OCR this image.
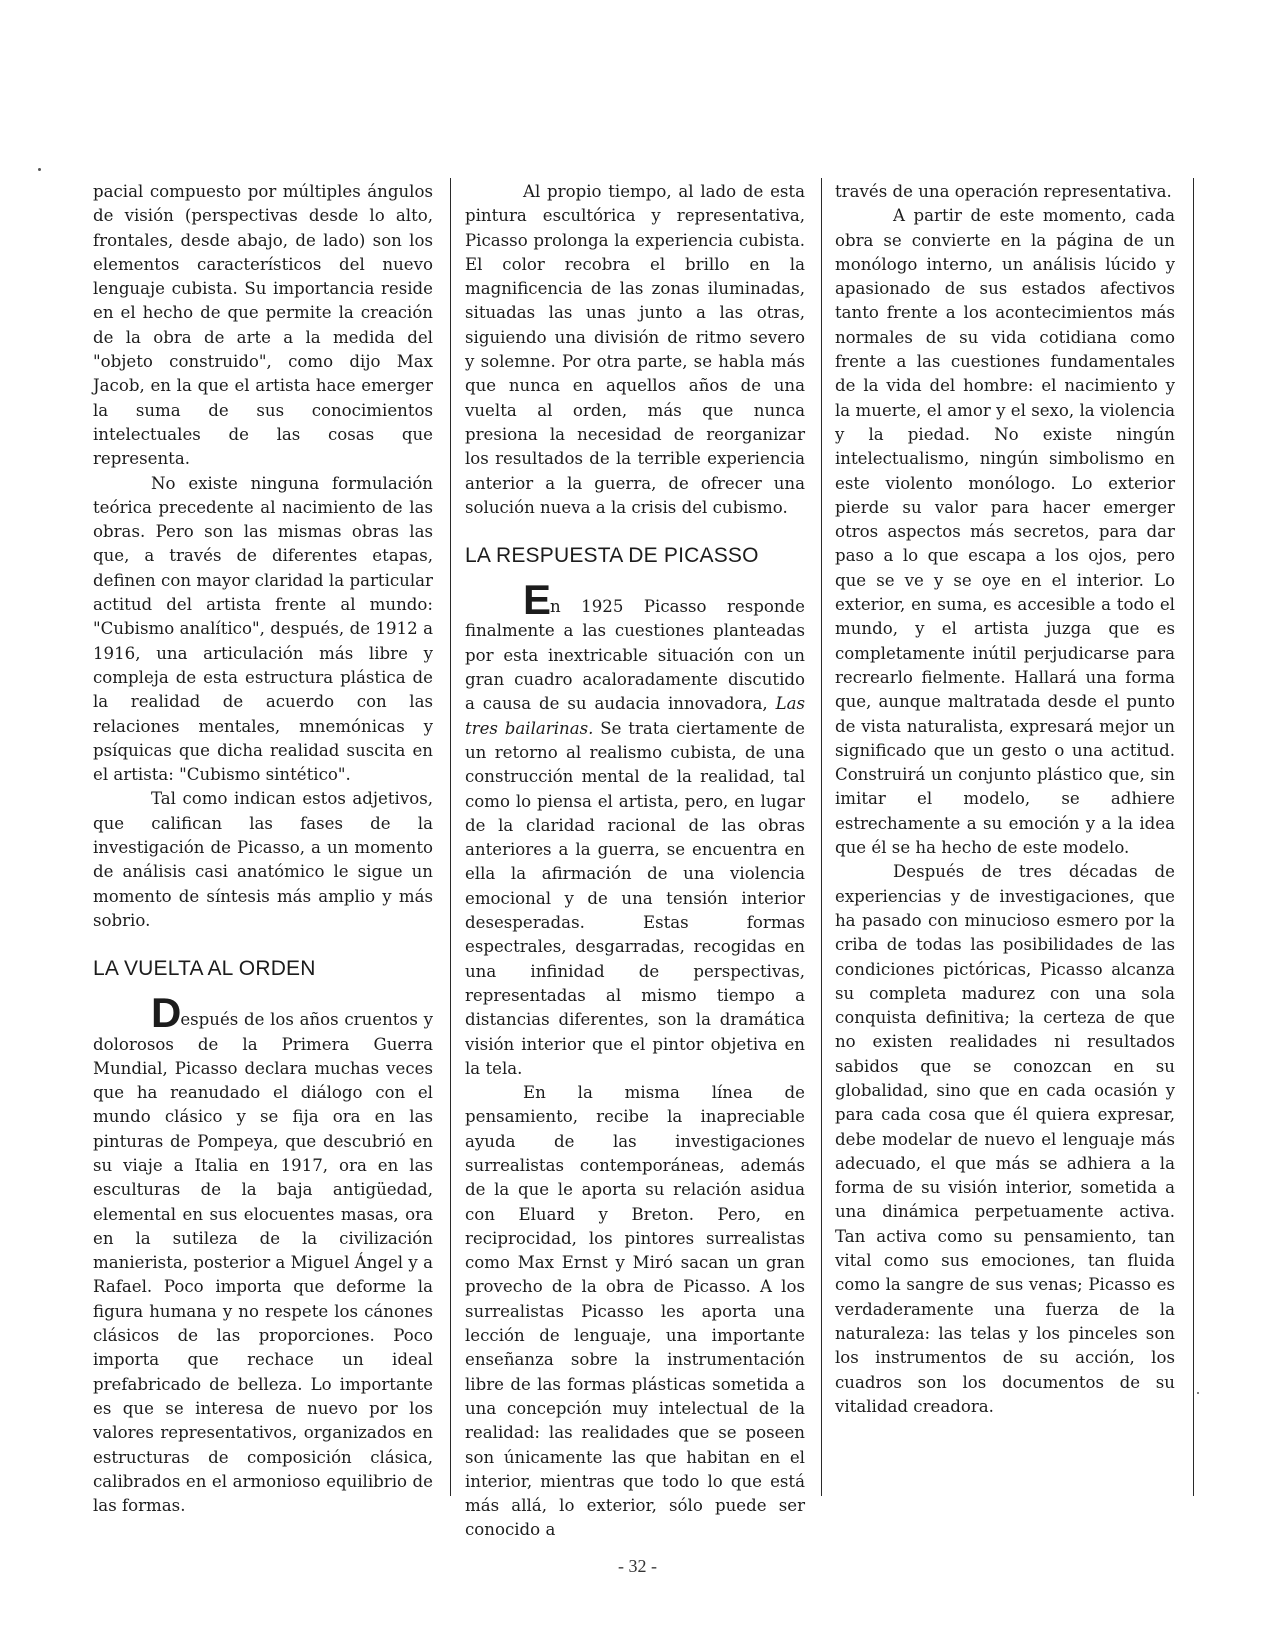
pacial compuesto por múltiples ángulos de visión (perspectivas desde lo alto, frontales, desde abajo, de lado) son los elementos característicos del nuevo lenguaje cubista. Su importancia reside en el hecho de que permite la creación de la obra de arte a la medida del "objeto construido", como dijo Max Jacob, en la que el artista hace emerger la suma de sus conocimientos intelectuales de las cosas que representa.

No existe ninguna formulación teórica precedente al nacimiento de las obras. Pero son las mismas obras las que, a través de diferentes etapas, definen con mayor claridad la particular actitud del artista frente al mundo: "Cubismo analítico", después, de 1912 a 1916, una articulación más libre y compleja de esta estructura plástica de la realidad de acuerdo con las relaciones mentales, mnemónicas y psíquicas que dicha realidad suscita en el artista: "Cubismo sintético".

Tal como indican estos adjetivos, que califican las fases de la investigación de Picasso, a un momento de análisis casi anatómico le sigue un momento de síntesis más amplio y más sobrio.

LA VUELTA AL ORDEN

Después de los años cruentos y dolorosos de la Primera Guerra Mundial, Picasso declara muchas veces que ha reanudado el diálogo con el mundo clásico y se fija ora en las pinturas de Pompeya, que descubrió en su viaje a Italia en 1917, ora en las esculturas de la baja antigüedad, elemental en sus elocuentes masas, ora en la sutileza de la civilización manierista, posterior a Miguel Ángel y a Rafael. Poco importa que deforme la figura humana y no respete los cánones clásicos de las proporciones. Poco importa que rechace un ideal prefabricado de belleza. Lo importante es que se interesa de nuevo por los valores representativos, organizados en estructuras de composición clásica, calibrados en el armonioso equilibrio de las formas.

Al propio tiempo, al lado de esta pintura escultórica y representativa, Picasso prolonga la experiencia cubista. El color recobra el brillo en la magnificencia de las zonas iluminadas, situadas las unas junto a las otras, siguiendo una división de ritmo severo y solemne. Por otra parte, se habla más que nunca en aquellos años de una vuelta al orden, más que nunca presiona la necesidad de reorganizar los resultados de la terrible experiencia anterior a la guerra, de ofrecer una solución nueva a la crisis del cubismo.

LA RESPUESTA DE PICASSO

En 1925 Picasso responde finalmente a las cuestiones planteadas por esta inextricable situación con un gran cuadro acaloradamente discutido a causa de su audacia innovadora, Las tres bailarinas. Se trata ciertamente de un retorno al realismo cubista, de una construcción mental de la realidad, tal como lo piensa el artista, pero, en lugar de la claridad racional de las obras anteriores a la guerra, se encuentra en ella la afirmación de una violencia emocional y de una tensión interior desesperadas. Estas formas espectrales, desgarradas, recogidas en una infinidad de perspectivas, representadas al mismo tiempo a distancias diferentes, son la dramática visión interior que el pintor objetiva en la tela.

En la misma línea de pensamiento, recibe la inapreciable ayuda de las investigaciones surrealistas contemporáneas, además de la que le aporta su relación asidua con Eluard y Breton. Pero, en reciprocidad, los pintores surrealistas como Max Ernst y Miró sacan un gran provecho de la obra de Picasso. A los surrealistas Picasso les aporta una lección de lenguaje, una importante enseñanza sobre la instrumentación libre de las formas plásticas sometida a una concepción muy intelectual de la realidad: las realidades que se poseen son únicamente las que habitan en el interior, mientras que todo lo que está más allá, lo exterior, sólo puede ser conocido a

través de una operación representativa.

A partir de este momento, cada obra se convierte en la página de un monólogo interno, un análisis lúcido y apasionado de sus estados afectivos tanto frente a los acontecimientos más normales de su vida cotidiana como frente a las cuestiones fundamentales de la vida del hombre: el nacimiento y la muerte, el amor y el sexo, la violencia y la piedad. No existe ningún intelectualismo, ningún simbolismo en este violento monólogo. Lo exterior pierde su valor para hacer emerger otros aspectos más secretos, para dar paso a lo que escapa a los ojos, pero que se ve y se oye en el interior. Lo exterior, en suma, es accesible a todo el mundo, y el artista juzga que es completamente inútil perjudicarse para recrearlo fielmente. Hallará una forma que, aunque maltratada desde el punto de vista naturalista, expresará mejor un significado que un gesto o una actitud. Construirá un conjunto plástico que, sin imitar el modelo, se adhiere estrechamente a su emoción y a la idea que él se ha hecho de este modelo.

Después de tres décadas de experiencias y de investigaciones, que ha pasado con minucioso esmero por la criba de todas las posibilidades de las condiciones pictóricas, Picasso alcanza su completa madurez con una sola conquista definitiva; la certeza de que no existen realidades ni resultados sabidos que se conozcan en su globalidad, sino que en cada ocasión y para cada cosa que él quiera expresar, debe modelar de nuevo el lenguaje más adecuado, el que más se adhiera a la forma de su visión interior, sometida a una dinámica perpetuamente activa. Tan activa como su pensamiento, tan vital como sus emociones, tan fluida como la sangre de sus venas; Picasso es verdaderamente una fuerza de la naturaleza: las telas y los pinceles son los instrumentos de su acción, los cuadros son los documentos de su vitalidad creadora.

- 32 -
